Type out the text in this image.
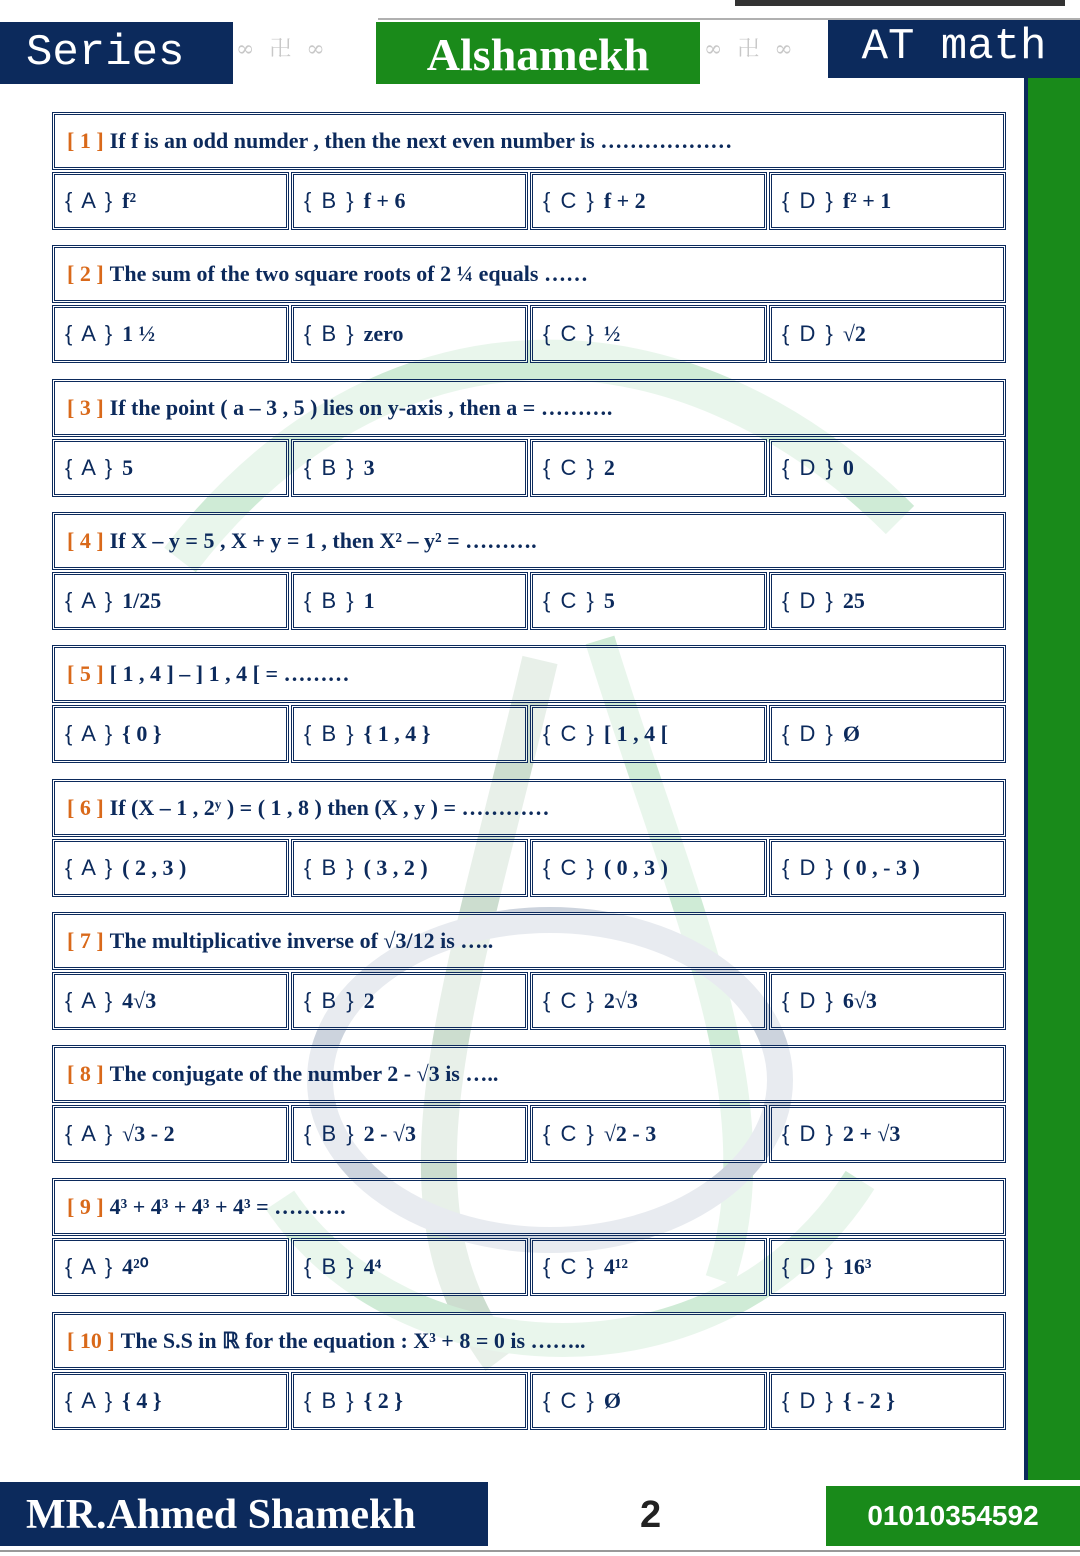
Series	∞ 卍 ∞	Alshamekh	∞ 卍 ∞	AT math
[ 1 ] If f is an odd numder , then the next even number is ………………
{ A } f²	{ B } f + 6	{ C } f + 2	{ D } f² + 1
[ 2 ] The sum of the two square roots of 2 ¼ equals ……
{ A } 1 ½	{ B } zero	{ C } ½	{ D } √2
[ 3 ] If the point ( a – 3 , 5 ) lies on y-axis , then a = ……….
{ A } 5	{ B } 3	{ C } 2	{ D } 0
[ 4 ] If X – y = 5 , X + y = 1 , then X² – y² = ……….
{ A } 1/25	{ B } 1	{ C } 5	{ D } 25
[ 5 ] [ 1 , 4 ] – ] 1 , 4 [ = ………
{ A } { 0 }	{ B } { 1 , 4 }	{ C } [ 1 , 4 [	{ D } Ø
[ 6 ] If (X – 1 , 2ʸ ) = ( 1 , 8 ) then (X , y ) = …………
{ A } ( 2 , 3 )	{ B } ( 3 , 2 )	{ C } ( 0 , 3 )	{ D } ( 0 , - 3 )
[ 7 ] The multiplicative inverse of √3/12 is …..
{ A } 4√3	{ B } 2	{ C } 2√3	{ D } 6√3
[ 8 ] The conjugate of the number 2 - √3 is …..
{ A } √3 - 2	{ B } 2 - √3	{ C } √2 - 3	{ D } 2 + √3
[ 9 ] 4³ + 4³ + 4³ + 4³ = ……….
{ A } 4²⁰	{ B } 4⁴	{ C } 4¹²	{ D } 16³
[ 10 ] The S.S in ℝ for the equation : X³ + 8 = 0 is ……..
{ A } { 4 }	{ B } { 2 }	{ C } Ø	{ D } { - 2 }
MR.Ahmed Shamekh	2	01010354592
